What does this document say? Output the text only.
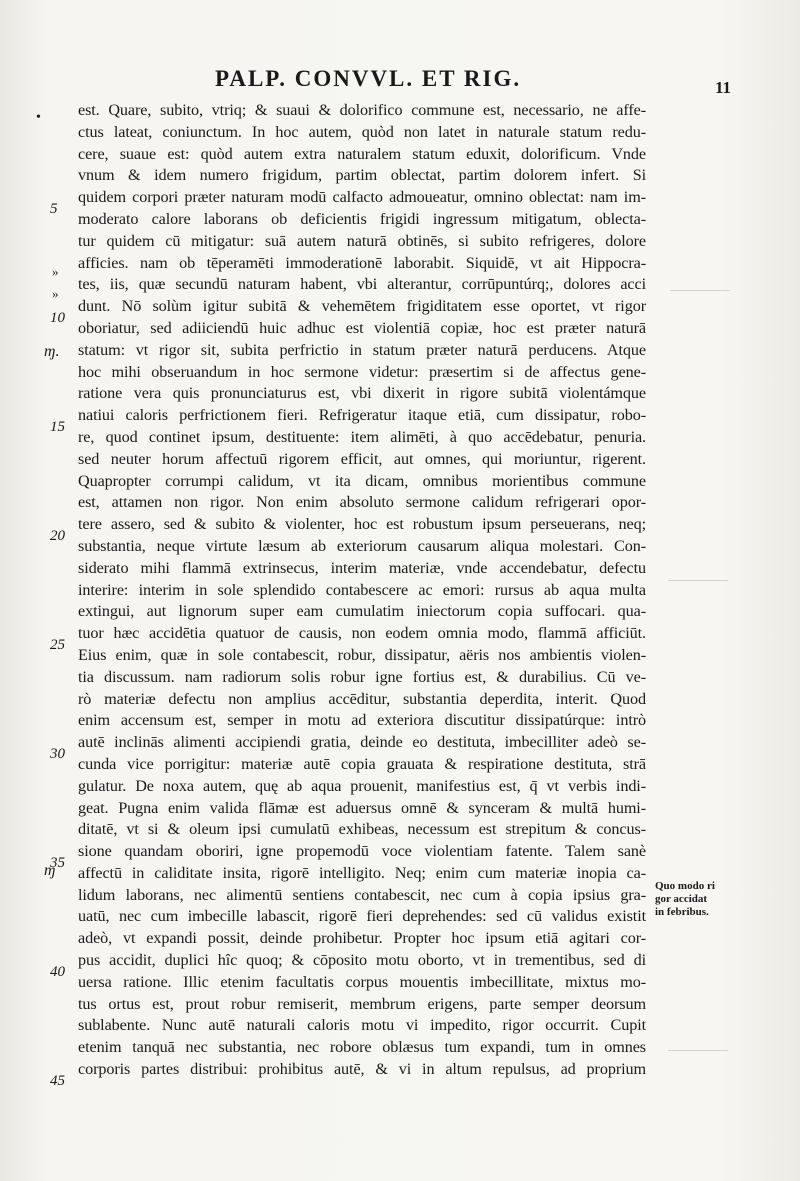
PALP. CONVVL. ET RIG.	11
•
5
10
15
20
25
30
35
40
45
»
»
ɱ.
ɱ
est. Quare, subito, vtriq; & suaui & dolorifico commune est, necessario, ne affe-
ctus lateat, coniunctum. In hoc autem, quòd non latet in naturale statum redu-
cere, suaue est: quòd autem extra naturalem statum eduxit, dolorificum. Vnde
vnum & idem numero frigidum, partim oblectat, partim dolorem infert. Si
quidem corpori præter naturam modū calfacto admoueatur, omnino oblectat: nam im-
moderato calore laborans ob deficientis frigidi ingressum mitigatum, oblecta-
tur quidem cū mitigatur: suā autem naturā obtinēs, si subito refrigeres, dolore
afficies. nam ob tēperamēti immoderationē laborabit. Siquidē, vt ait Hippocra-
tes, iis, quæ secundū naturam habent, vbi alterantur, corrūpuntúrq;, dolores acci
dunt. Nō solùm igitur subitā & vehemētem frigiditatem esse oportet, vt rigor
oboriatur, sed adiiciendū huic adhuc est violentiā copiæ, hoc est præter naturā
statum: vt rigor sit, subita perfrictio in statum præter naturā perducens. Atque
hoc mihi obseruandum in hoc sermone videtur: præsertim si de affectus gene-
ratione vera quis pronunciaturus est, vbi dixerit in rigore subitā violentámque
natiui caloris perfrictionem fieri. Refrigeratur itaque etiā, cum dissipatur, robo-
re, quod continet ipsum, destituente: item alimēti, à quo accēdebatur, penuria.
sed neuter horum affectuū rigorem efficit, aut omnes, qui moriuntur, rigerent.
Quapropter corrumpi calidum, vt ita dicam, omnibus morientibus commune
est, attamen non rigor. Non enim absoluto sermone calidum refrigerari opor-
tere assero, sed & subito & violenter, hoc est robustum ipsum perseuerans, neq;
substantia, neque virtute læsum ab exteriorum causarum aliqua molestari. Con-
siderato mihi flammā extrinsecus, interim materiæ, vnde accendebatur, defectu
interire: interim in sole splendido contabescere ac emori: rursus ab aqua multa
extingui, aut lignorum super eam cumulatim iniectorum copia suffocari. qua-
tuor hæc accidētia quatuor de causis, non eodem omnia modo, flammā afficiūt.
Eius enim, quæ in sole contabescit, robur, dissipatur, aëris nos ambientis violen-
tia discussum. nam radiorum solis robur igne fortius est, & durabilius. Cū ve-
rò materiæ defectu non amplius accēditur, substantia deperdita, interit. Quod
enim accensum est, semper in motu ad exteriora discutitur dissipatúrque: intrò
autē inclinās alimenti accipiendi gratia, deinde eo destituta, imbecilliter adeò se-
cunda vice porrigitur: materiæ autē copia grauata & respiratione destituta, strā
gulatur. De noxa autem, quę ab aqua prouenit, manifestius est, q̄ vt verbis indi-
geat. Pugna enim valida flāmæ est aduersus omnē & synceram & multā humi-
ditatē, vt si & oleum ipsi cumulatū exhibeas, necessum est strepitum & concus-
sione quandam oboriri, igne propemodū voce violentiam fatente. Talem sanè
affectū in caliditate insita, rigorē intelligito. Neq; enim cum materiæ inopia ca-
lidum laborans, nec alimentū sentiens contabescit, nec cum à copia ipsius gra-
uatū, nec cum imbecille labascit, rigorē fieri deprehendes: sed cū validus existit
adeò, vt expandi possit, deinde prohibetur. Propter hoc ipsum etiā agitari cor-
pus accidit, duplici hîc quoq; & cōposito motu oborto, vt in trementibus, sed di
uersa ratione. Illic etenim facultatis corpus mouentis imbecillitate, mixtus mo-
tus ortus est, prout robur remiserit, membrum erigens, parte semper deorsum
sublabente. Nunc autē naturali caloris motu vi impedito, rigor occurrit. Cupit
etenim tanquā nec substantia, nec robore oblæsus tum expandi, tum in omnes
corporis partes distribui: prohibitus autē, & vi in altum repulsus, ad proprium
Quo modo ri
gor accidat
in febribus.
